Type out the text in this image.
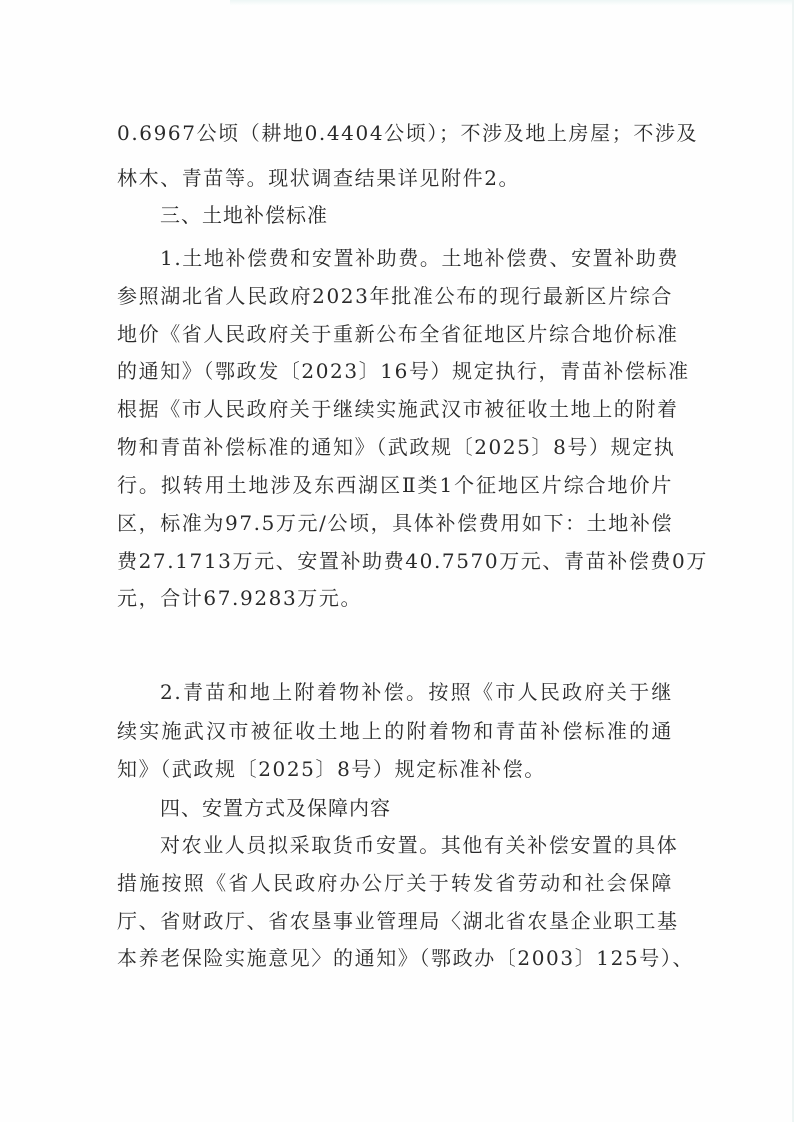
0.6967公顷（耕地0.4404公顷）；不涉及地上房屋；不涉及
林木、青苗等。现状调查结果详见附件2。
三、土地补偿标准
1.土地补偿费和安置补助费。土地补偿费、安置补助费
参照湖北省人民政府2023年批准公布的现行最新区片综合
地价《省人民政府关于重新公布全省征地区片综合地价标准
的通知》（鄂政发〔2023〕16号）规定执行，青苗补偿标准
根据《市人民政府关于继续实施武汉市被征收土地上的附着
物和青苗补偿标准的通知》（武政规〔2025〕8号）规定执
行。拟转用土地涉及东西湖区Ⅱ类1个征地区片综合地价片
区，标准为97.5万元/公顷，具体补偿费用如下：土地补偿
费27.1713万元、安置补助费40.7570万元、青苗补偿费0万
元，合计67.9283万元。
2.青苗和地上附着物补偿。按照《市人民政府关于继
续实施武汉市被征收土地上的附着物和青苗补偿标准的通
知》（武政规〔2025〕8号）规定标准补偿。
四、安置方式及保障内容
对农业人员拟采取货币安置。其他有关补偿安置的具体
措施按照《省人民政府办公厅关于转发省劳动和社会保障
厅、省财政厅、省农垦事业管理局〈湖北省农垦企业职工基
本养老保险实施意见〉的通知》（鄂政办〔2003〕125号）、
